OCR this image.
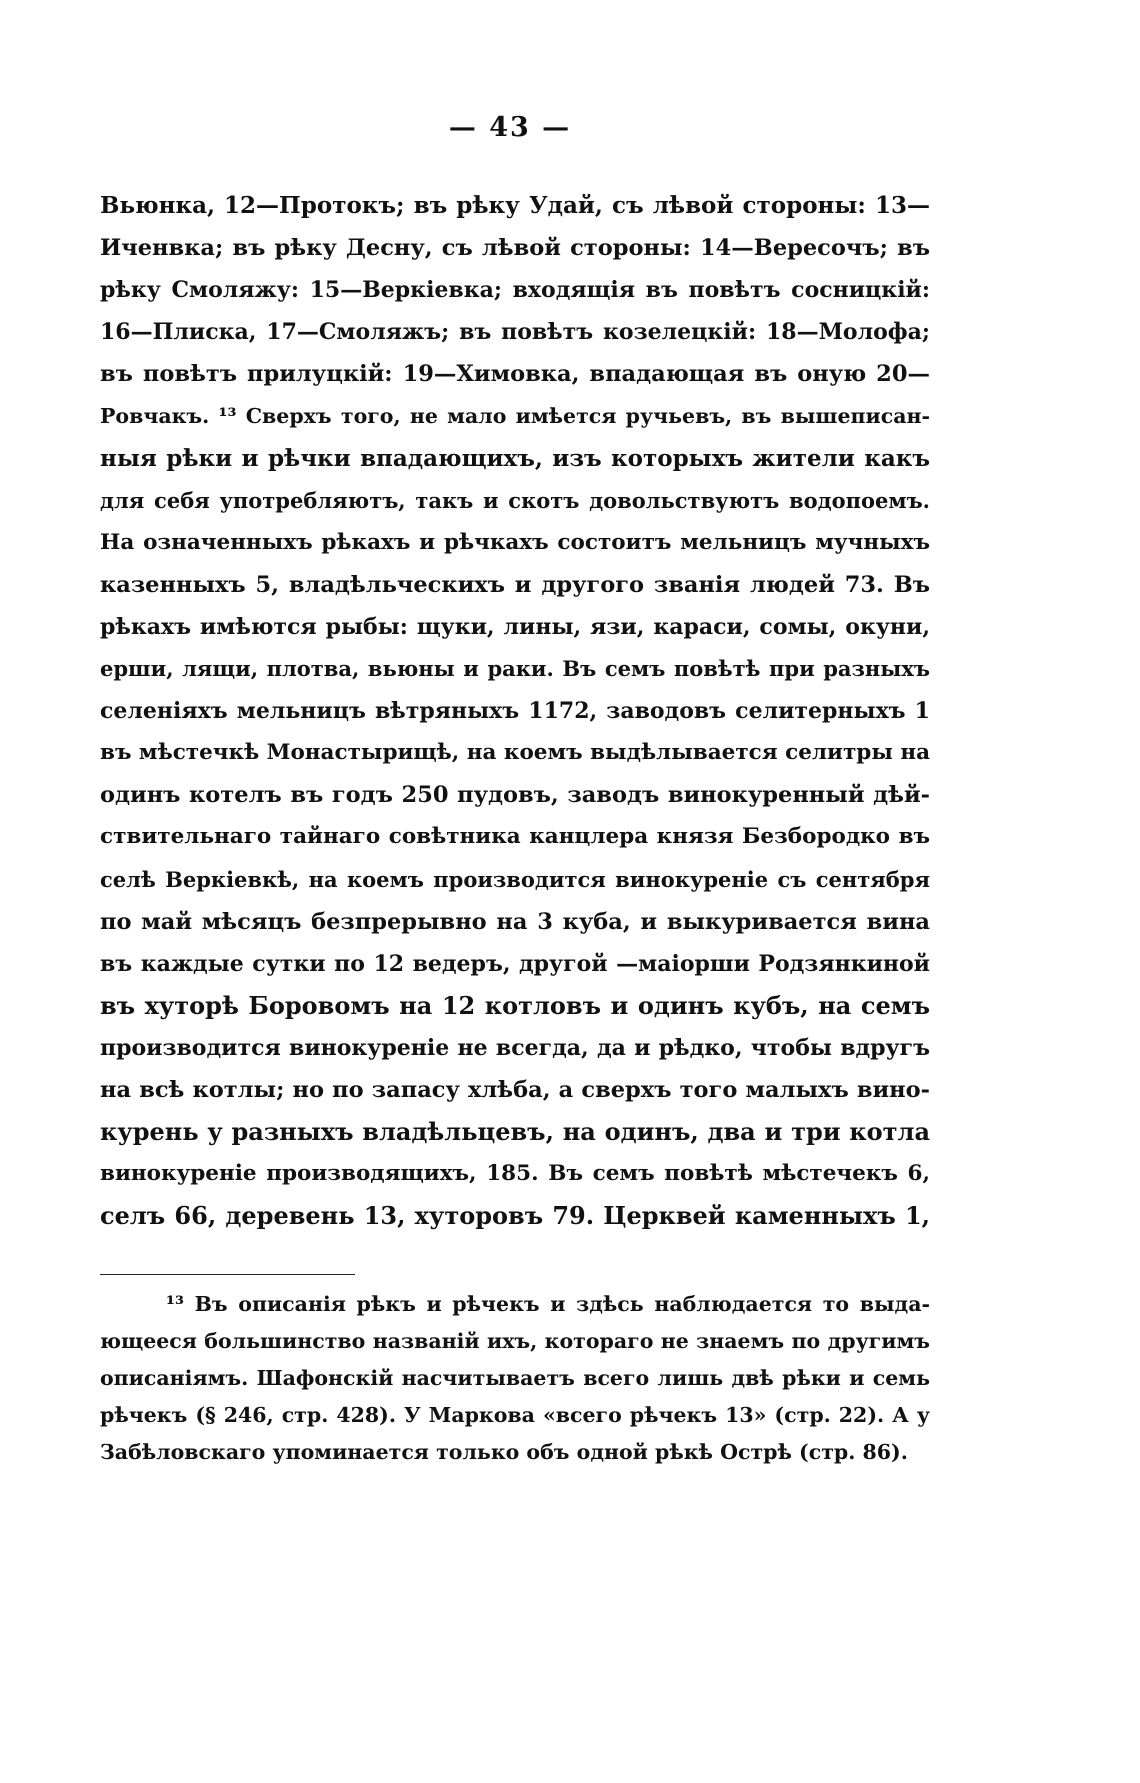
— 43 —
Вьюнка, 12—Протокъ; въ рѣку Удай, съ лѣвой стороны: 13—
Иченвка; въ рѣку Десну, съ лѣвой стороны: 14—Вересочъ; въ
рѣку Смоляжу: 15—Веркіевка; входящія въ повѣтъ сосницкій:
16—Плиска, 17—Смоляжъ; въ повѣтъ козелецкій: 18—Молофа;
въ повѣтъ прилуцкій: 19—Химовка, впадающая въ оную 20—
Ровчакъ. ¹³ Сверхъ того, не мало имѣется ручьевъ, въ вышеписан-
ныя рѣки и рѣчки впадающихъ, изъ которыхъ жители какъ
для себя употребляютъ, такъ и скотъ довольствуютъ водопоемъ.
На означенныхъ рѣкахъ и рѣчкахъ состоитъ мельницъ мучныхъ
казенныхъ 5, владѣльческихъ и другого званія людей 73. Въ
рѣкахъ имѣются рыбы: щуки, лины, язи, караси, сомы, окуни,
ерши, лящи, плотва, вьюны и раки. Въ семъ повѣтѣ при разныхъ
селеніяхъ мельницъ вѣтряныхъ 1172, заводовъ селитерныхъ 1
въ мѣстечкѣ Монастырищѣ, на коемъ выдѣлывается селитры на
одинъ котелъ въ годъ 250 пудовъ, заводъ винокуренный дѣй-
ствительнаго тайнаго совѣтника канцлера князя Безбородко въ
селѣ Веркіевкѣ, на коемъ производится винокуреніе съ сентября
по май мѣсяцъ безпрерывно на 3 куба, и выкуривается вина
въ каждые сутки по 12 ведеръ, другой —маіорши Родзянкиной
въ хуторѣ Боровомъ на 12 котловъ и одинъ кубъ, на семъ
производится винокуреніе не всегда, да и рѣдко, чтобы вдругъ
на всѣ котлы; но по запасу хлѣба, а сверхъ того малыхъ вино-
курень у разныхъ владѣльцевъ, на одинъ, два и три котла
винокуреніе производящихъ, 185. Въ семъ повѣтѣ мѣстечекъ 6,
селъ 66, деревень 13, хуторовъ 79. Церквей каменныхъ 1,
¹³ Въ описанія рѣкъ и рѣчекъ и здѣсь наблюдается то выда-
ющееся большинство названій ихъ, котораго не знаемъ по другимъ
описаніямъ. Шафонскій насчитываетъ всего лишь двѣ рѣки и семь
рѣчекъ (§ 246, стр. 428). У Маркова «всего рѣчекъ 13» (стр. 22). А у
Забѣловскаго упоминается только объ одной рѣкѣ Острѣ (стр. 86).
